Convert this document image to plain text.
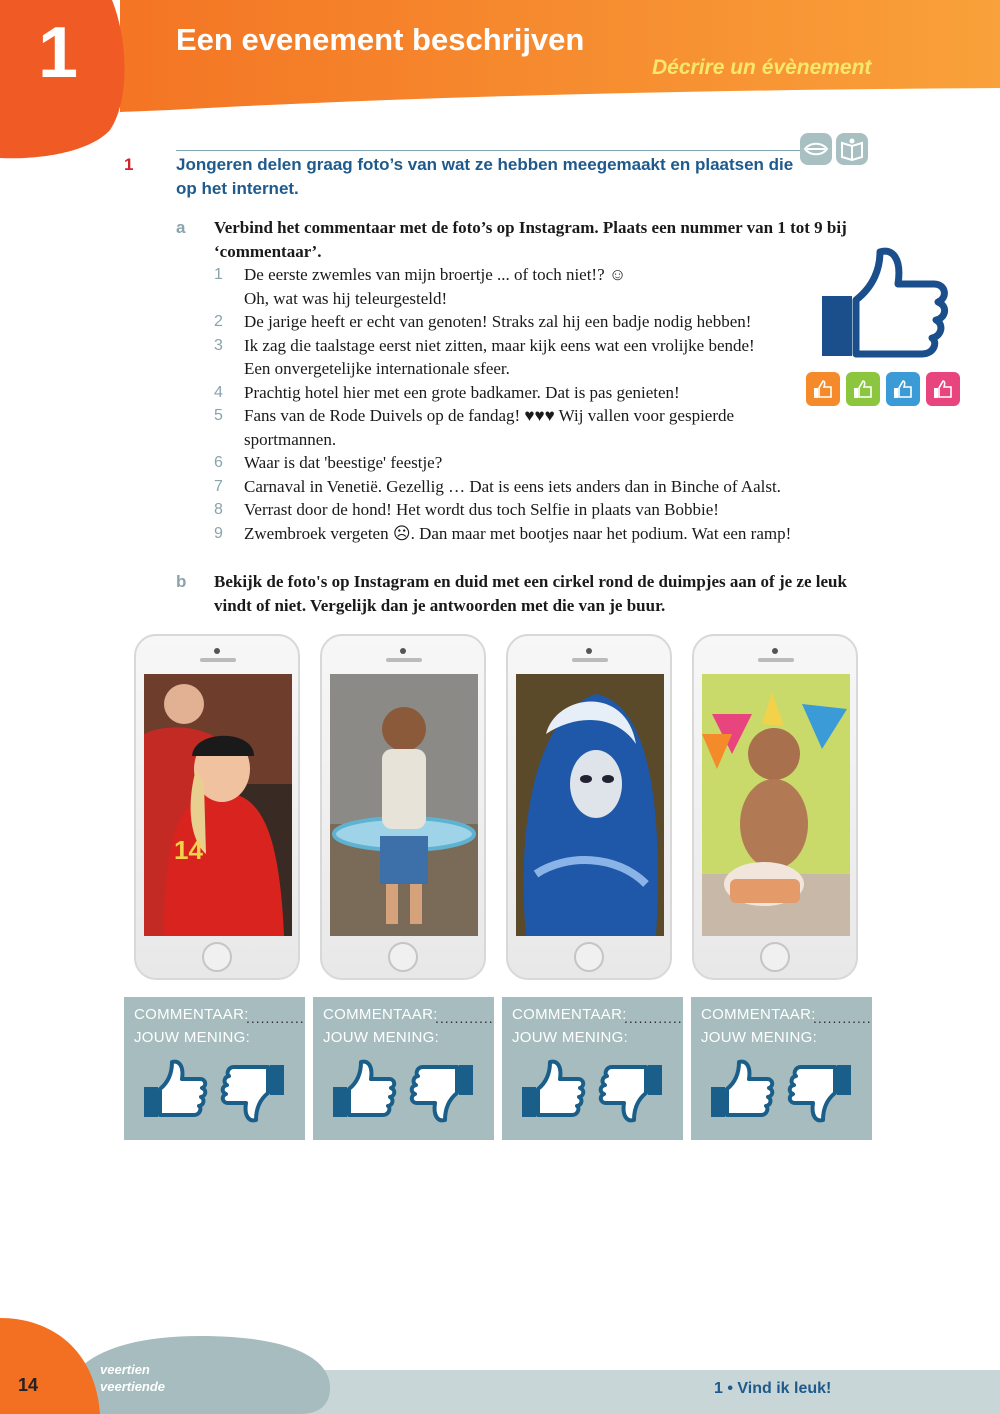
1	Een evenement beschrijven
Décrire un évènement
1	Jongeren delen graag foto’s van wat ze hebben meegemaakt en plaatsen die op het internet.
a Verbind het commentaar met de foto’s op Instagram. Plaats een nummer van 1 tot 9 bij ‘commentaar’.
1	De eerste zwemles van mijn broertje ... of toch niet!? ☺ Oh, wat was hij teleurgesteld!
2	De jarige heeft er echt van genoten! Straks zal hij een badje nodig hebben!
3	Ik zag die taalstage eerst niet zitten, maar kijk eens wat een vrolijke bende! Een onvergetelijke internationale sfeer.
4	Prachtig hotel hier met een grote badkamer. Dat is pas genieten!
5	Fans van de Rode Duivels op de fandag! ♥♥♥ Wij vallen voor gespierde sportmannen.
6	Waar is dat 'beestige' feestje?
7	Carnaval in Venetië. Gezellig … Dat is eens iets anders dan in Binche of Aalst.
8	Verrast door de hond! Het wordt dus toch Selfie in plaats van Bobbie!
9	Zwembroek vergeten ☹. Dan maar met bootjes naar het podium. Wat een ramp!
b Bekijk de foto's op Instagram en duid met een cirkel rond de duimpjes aan of je ze leuk vindt of niet. Vergelijk dan je antwoorden met die van je buur.
14
COMMENTAAR:
............
JOUW MENING:
COMMENTAAR:
............
JOUW MENING:
COMMENTAAR:
............
JOUW MENING:
COMMENTAAR:
............
JOUW MENING:
14
veertien
veertiende	1 • Vind ik leuk!
